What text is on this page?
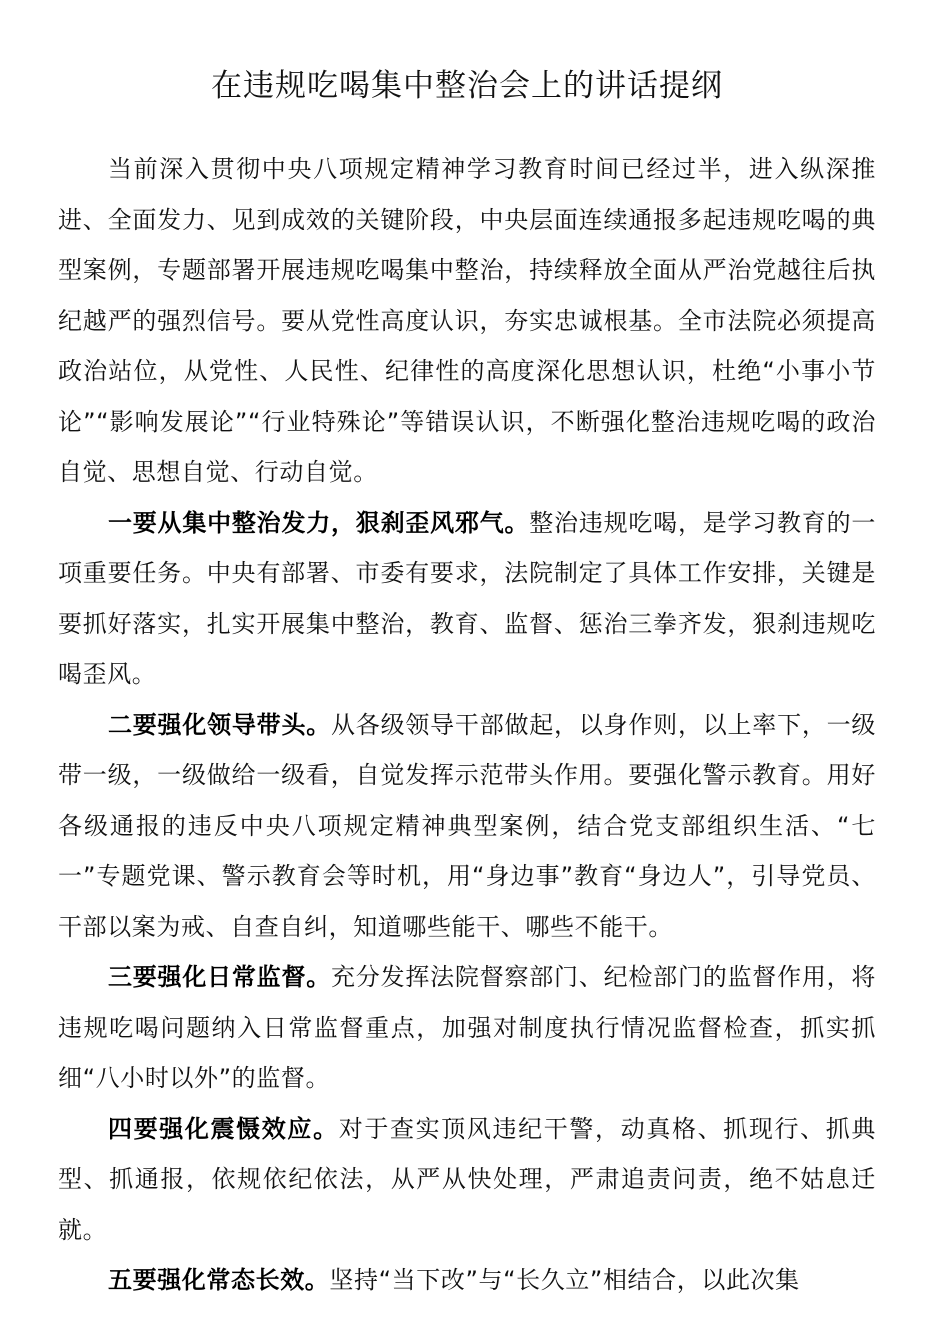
在违规吃喝集中整治会上的讲话提纲

当前深入贯彻中央八项规定精神学习教育时间已经过半，进入纵深推进、全面发力、见到成效的关键阶段，中央层面连续通报多起违规吃喝的典型案例，专题部署开展违规吃喝集中整治，持续释放全面从严治党越往后执纪越严的强烈信号。要从党性高度认识，夯实忠诚根基。全市法院必须提高政治站位，从党性、人民性、纪律性的高度深化思想认识，杜绝“小事小节论”“影响发展论”“行业特殊论”等错误认识，不断强化整治违规吃喝的政治自觉、思想自觉、行动自觉。

一要从集中整治发力，狠刹歪风邪气。整治违规吃喝，是学习教育的一项重要任务。中央有部署、市委有要求，法院制定了具体工作安排，关键是要抓好落实，扎实开展集中整治，教育、监督、惩治三拳齐发，狠刹违规吃喝歪风。

二要强化领导带头。从各级领导干部做起，以身作则，以上率下，一级带一级，一级做给一级看，自觉发挥示范带头作用。要强化警示教育。用好各级通报的违反中央八项规定精神典型案例，结合党支部组织生活、“七一”专题党课、警示教育会等时机，用“身边事”教育“身边人”，引导党员、干部以案为戒、自查自纠，知道哪些能干、哪些不能干。

三要强化日常监督。充分发挥法院督察部门、纪检部门的监督作用，将违规吃喝问题纳入日常监督重点，加强对制度执行情况监督检查，抓实抓细“八小时以外”的监督。

四要强化震慑效应。对于查实顶风违纪干警，动真格、抓现行、抓典型、抓通报，依规依纪依法，从严从快处理，严肃追责问责，绝不姑息迁就。

五要强化常态长效。坚持“当下改”与“长久立”相结合，以此次集
